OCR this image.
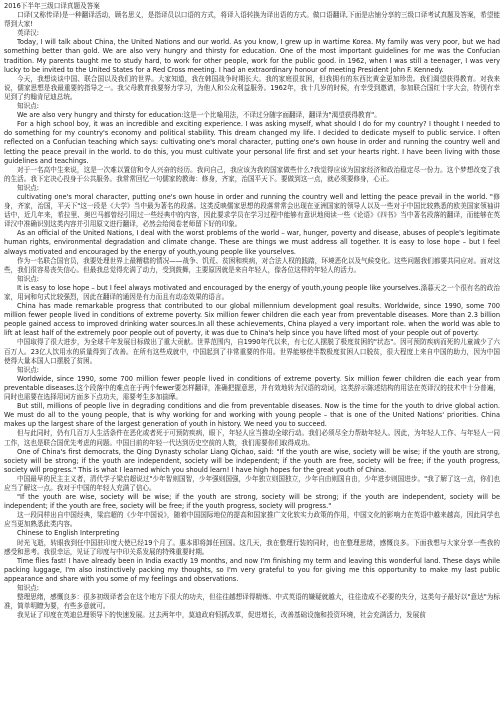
2016下半年三级口译真题及答案

口译(又称传译)是一种翻译活动，顾名思义，是指译员以口语的方式，将译入语转换为译出语的方式。做口语翻译,下面是店铺分享的三级口译考试真题及答案，希望能帮到大家!

英译汉:

Today, I will talk about China, the United Nations and our world. As you know, I grew up in wartime Korea. My family was very poor, but we had something better than gold. We are also very hungry and thirsty for education. One of the most important guidelines for me was the Confucian tradition. My parents taught me to study hard, to work for other people, work for the public good. in 1962, when I was still a teenager, I was very lucky to be invited to the United States for a Red Cross meeting. I had an extraordinary honour of meeting President John F. Kennedy.

今天，我想谈谈中国、联合国以及我们的世界。大家知道，我在韩国战争时期长大。我的家庭很贫困，但我拥有的东西比黄金更加珍贵。我们渴望获得教育。对我来说，儒家思想是我最重要的指导之一。我父母教育我要努力学习，为他人和公众利益服务。1962年，我十几岁的时候，有幸受到邀请，参加联合国红十字大会，特别有幸见到了约翰肯尼迪总统。

知识点:

We are also very hungry and thirsty for education:这是一个比喻用法，不译过分随字面翻译，翻译为"渴望获得教育"。

For a high school boy, it was an incredible and exciting experience. I was asking myself, what should I do for my country? I thought I needed to do something for my country's economy and political stability. This dream changed my life. I decided to dedicate myself to public service. I often reflected on a Confucian teaching which says: cultivating one's moral character, putting one's own house in order and running the country well and letting the peace prevail in the world. to do this, you must cultivate your personal life first and set your hearts right. I have been living with those guidelines and teachings.

对于一名高中生来说，这是一次难以置信和令人兴奋的经历。我问自己，我应该为我的国家做些什么?我觉得应该为国家经济和政治稳定尽一份力。这个梦想改变了我的生活。我下定决心投身于公共服务。我常常回忆一句儒家的教诲：修身，齐家，治国平天下。要做到这一点，就必须要修身，心正。

知识点:

cultivating one's moral character, putting one's own house in order and running the country well and letting the peace prevail in the world. "修身，齐家，治国，平天下"这一段是《大学》当中最为著名的段落。这类反映儒家思想的段落常常会出现在亚洲国家的领导人以及一些对于中国比较熟悉的欧美国家领袖讲话中，近几年来，希拉里、奥巴马都曾经引用过一些经典中的内容，因此要求学员在学习过程中能够有意识地阅读一些《论语》《四书》当中著名段落的翻译，而能够在英译汉中准确识别这类内容并引用原文进行翻译，必然会给阅卷老师留下好的印象。

As an official of the United Nations, I deal with the worst problems of the world – war, hunger, poverty and disease, abuses of people's legitimate human rights, environmental degradation and climate change. These are things we must address all together. It is easy to lose hope – but I feel always motivated and encouraged by the energy of youth,young people like yourselves.

作为一名联合国官员，我要处理世界上最糟糕的情况——战争、饥荒、贫困和疾病，对合法人权的践踏，环境恶化以及气候变化。这些问题我们都要共同应对。面对这些，我们很容易丧失信心。但最我总觉得充满了动力，受到鼓舞，主要原因就是来自年轻人，像各位这样的年轻人的活力。

知识点:

It is easy to lose hope – but I feel always motivated and encouraged by the energy of youth,young people like yourselves.涤暮天之一个很有名的政治家，用词和句式比较强烈，因此在翻译的通因是有力而且有动态效果的语言。

China has made remarkable progress that contributed to our global millennium development goal results. Worldwide, since 1990, some 700 million fewer people lived in conditions of extreme poverty. Six million fewer children die each year from preventable diseases. More than 2.3 billion people gained access to improved drinking water sources.In all these achievements, China played a very important role. when the world was able to lift at least half of the extremely poor people out of poverty, it was due to China's help since you have lifted most of your people out of poverty.

中国取得了很大进步，为全球千年发展目标做出了重大贡献。世界范围内，自1990年代以来，有七亿人摆脱了极度贫困的"状态"。因可预防疾病而死的儿童减少了六百万人。23亿人饮用水的质量得到了改善。在所有这些成就中，中国起到了非常重要的作用。世界能够使半数极度贫困人口脱贫，很大程度上来自中国的助力，因为中国使得大量本国人口摆脱了贫困。

知识点:

Worldwide, since 1990, some 700 million fewer people lived in conditions of extreme poverty. Six million fewer children die each year from preventable diseases.这个段落中的难点在于两个fewer要怎样翻译，准确把握意思，并有效地转为汉语的动词，这类辞示陈述结构的用法在英译汉的技术中十分普遍，同时也需要在选择用词方面多下点功夫，需要考生多加揣摩。

But still, millions of people live in degrading conditions and die from preventable diseases. Now is the time for the youth to drive global action. We must do all to the young people, that is why working for and working with young people – that is one of the United Nations' priorities. China makes up the largest share of the largest generation of youth in history. We need you to succeed.

但与此同时，仍有几百万人生活条件在恶化或者死于可预防疾病，眼下，年轻人应当推动全球行动。我们必须尽全力帮助年轻人。因此，为年轻人工作、与年轻人一同工作，这也是联合国优先考虑的问题。中国目前的年轻一代达到历史空前的人数，我们需要你们取得成功。

One of China's first democrats, the Qing Dynasty scholar Liang Qichao, said: "If the youth are wise, society will be wise; if the youth are strong, society will be strong; if the youth are independent, society will be independent; if the youth are free, society will be free; if the youth progress, society will progress." This is what I learned which you should learn! I have high hopes for the great youth of China.

中国最早的民主主义者，清代学子梁启超说过"少年智则国智，少年强则国强，少年独立则国独立，少年自由则国自由，少年进步则国进步。"我了解了这一点，你们也应当了解这一点。我对于中国的年轻人充满了信心。

"If the youth are wise, society will be wise; if the youth are strong, society will be strong; if the youth are independent, society will be independent; if the youth are free, society will be free; if the youth progress, society will progress."

这一段同样出自中国经典，梁启超的《少年中国说》，随着中国国际地位的提高和国家推广文化软实力政策的作用，中国文化的影响力在英语中越来越高，因此同学也应当更加熟悉此类内容。

Chinese to English Interpreting

时光飞逝，转眼我到任中国驻印度大使已经19个月了。惠本即将卸任回国。这几天，我在整理行装的同时，也在整理思绪，感慨良多。下面我想与大家分享一些我的感受和思考。我很幸运，见证了印度与中印关系发展的特殊重要时期。

Time flies fast! I have already been in India exactly 19 months, and now I'm finishing my term and leaving this wonderful land. These days while packing luggage, I'm also instinctively packing my thoughts, so I'm very grateful to you for giving me this opportunity to make my last public appearance and share with you some of my feelings and observations.

知识点:

整理思绪，感慨良多：很多初级译者会在这个地方下很大的功夫，但往往越想译得精炼、中式英语的嫌疑就越大，往往造成不必要的失分，这类句子最好以"意达"为标准，简单明瞭为要，有些多意就可。

我见证了印度在英迪总理领导下的快速发展。过去两年中，莫迪政府恒抓改革，促进增长，改善基础设施和投资环境，社会充满活力，发展前
